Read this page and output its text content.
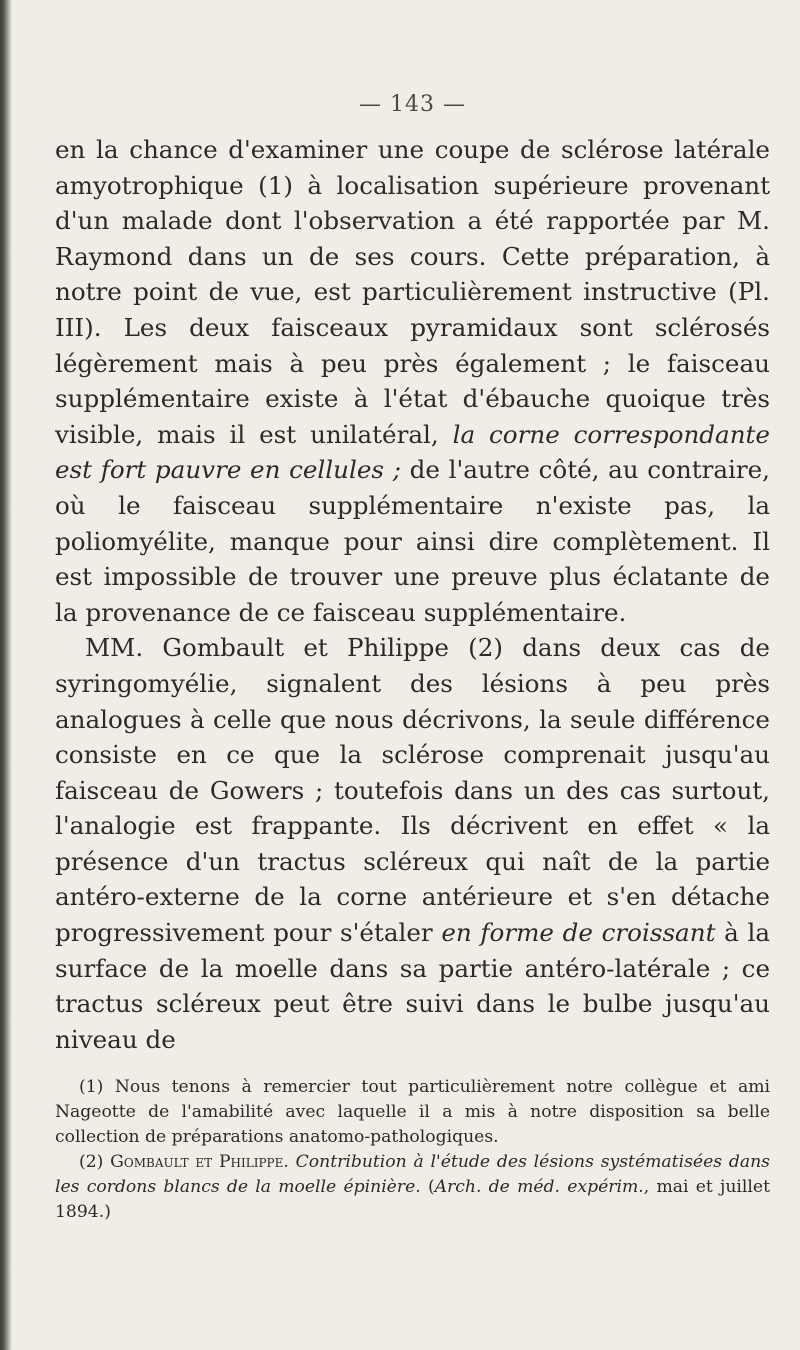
— 143 —

en la chance d'examiner une coupe de sclérose latérale amyotrophique (1) à localisation supérieure provenant d'un malade dont l'observation a été rapportée par M. Raymond dans un de ses cours. Cette préparation, à notre point de vue, est particulièrement instructive (Pl. III). Les deux faisceaux pyramidaux sont sclérosés légèrement mais à peu près également ; le faisceau supplémentaire existe à l'état d'ébauche quoique très visible, mais il est unilatéral, la corne correspondante est fort pauvre en cellules ; de l'autre côté, au contraire, où le faisceau supplémentaire n'existe pas, la poliomyélite, manque pour ainsi dire complètement. Il est impossible de trouver une preuve plus éclatante de la provenance de ce faisceau supplémentaire.

MM. Gombault et Philippe (2) dans deux cas de syringomyélie, signalent des lésions à peu près analogues à celle que nous décrivons, la seule différence consiste en ce que la sclérose comprenait jusqu'au faisceau de Gowers ; toutefois dans un des cas surtout, l'analogie est frappante. Ils décrivent en effet « la présence d'un tractus scléreux qui naît de la partie antéro-externe de la corne antérieure et s'en détache progressivement pour s'étaler en forme de croissant à la surface de la moelle dans sa partie antéro-latérale ; ce tractus scléreux peut être suivi dans le bulbe jusqu'au niveau de

(1) Nous tenons à remercier tout particulièrement notre collègue et ami Nageotte de l'amabilité avec laquelle il a mis à notre disposition sa belle collection de préparations anatomo-pathologiques.

(2) Gombault et Philippe. Contribution à l'étude des lésions systématisées dans les cordons blancs de la moelle épinière. (Arch. de méd. expérim., mai et juillet 1894.)
